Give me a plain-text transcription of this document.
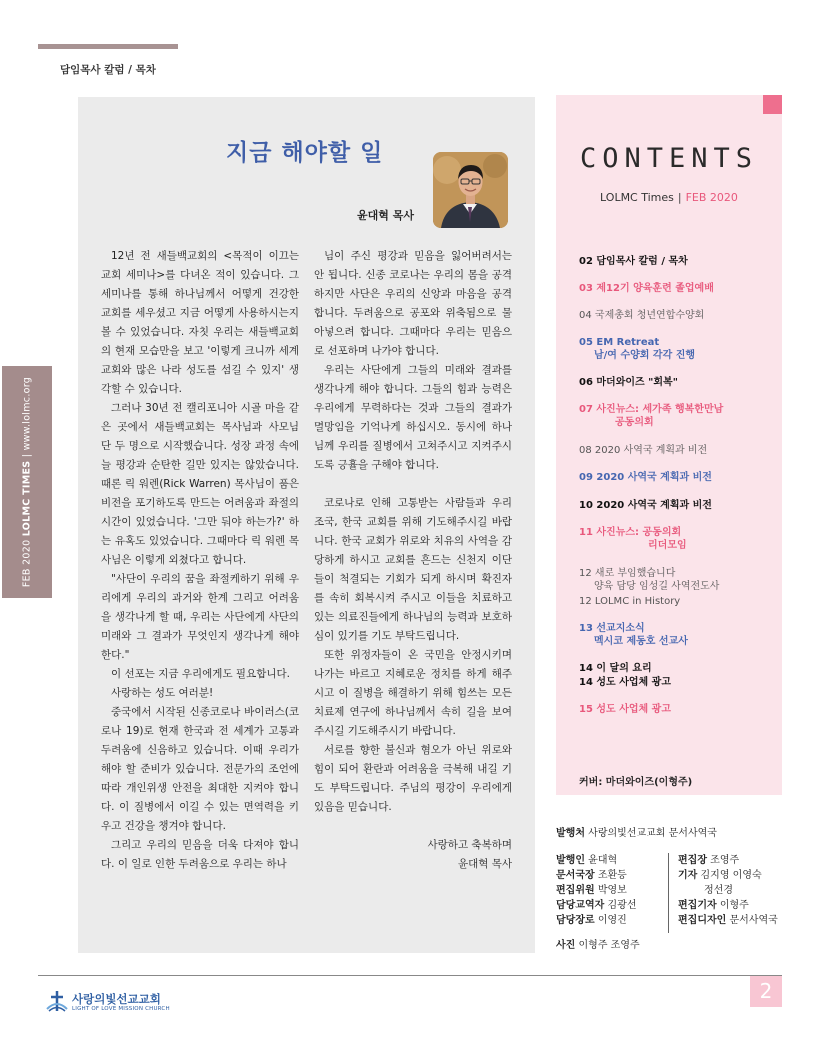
담임목사 칼럼 / 목차
FEB 2020 LOLMC TIMES | www.lolmc.org
지금 해야할 일
윤대혁 목사

12년 전 새들백교회의 <목적이 이끄는 교회 세미나>를 다녀온 적이 있습니다. 그 세미나를 통해 하나님께서 어떻게 건강한 교회를 세우셨고 지금 어떻게 사용하시는지 볼 수 있었습니다. 자칫 우리는 새들백교회의 현재 모습만을 보고 '이렇게 크니까 세계 교회와 많은 나라 성도를 섬길 수 있지' 생각할 수 있습니다.

그러나 30년 전 캘리포니아 시골 마을 같은 곳에서 새들백교회는 목사님과 사모님 단 두 명으로 시작했습니다. 성장 과정 속에 늘 평강과 순탄한 길만 있지는 않았습니다. 때론 릭 워렌(Rick Warren) 목사님이 품은 비전을 포기하도록 만드는 어려움과 좌절의 시간이 있었습니다. '그만 둬야 하는가?' 하는 유혹도 있었습니다. 그때마다 릭 워렌 목사님은 이렇게 외쳤다고 합니다.

"사단이 우리의 꿈을 좌절케하기 위해 우리에게 우리의 과거와 한계 그리고 어려움을 생각나게 할 때, 우리는 사단에게 사단의 미래와 그 결과가 무엇인지 생각나게 해야 한다."

이 선포는 지금 우리에게도 필요합니다.

사랑하는 성도 여러분!

중국에서 시작된 신종코로나 바이러스(코로나 19)로 현재 한국과 전 세계가 고통과 두려움에 신음하고 있습니다. 이때 우리가 해야 할 준비가 있습니다. 전문가의 조언에 따라 개인위생 안전을 최대한 지켜야 합니다. 이 질병에서 이길 수 있는 면역력을 키우고 건강을 챙겨야 합니다.

그리고 우리의 믿음을 더욱 다져야 합니다. 이 일로 인한 두려움으로 우리는 하나

님이 주신 평강과 믿음을 잃어버려서는 안 됩니다. 신종 코로나는 우리의 몸을 공격하지만 사단은 우리의 신앙과 마음을 공격합니다. 두려움으로 공포와 위축됨으로 물아넣으려 합니다. 그때마다 우리는 믿음으로 선포하며 나가야 합니다.

우리는 사단에게 그들의 미래와 결과를 생각나게 해야 합니다. 그들의 힘과 능력은 우리에게 무력하다는 것과 그들의 결과가 멸망임을 기억나게 하십시오. 동시에 하나님께 우리를 질병에서 고쳐주시고 지켜주시도록 긍휼을 구해야 합니다.

코로나로 인해 고통받는 사람들과 우리 조국, 한국 교회를 위해 기도해주시길 바랍니다. 한국 교회가 위로와 치유의 사역을 감당하게 하시고 교회를 흔드는 신천지 이단들이 척결되는 기회가 되게 하시며 확진자를 속히 회복시켜 주시고 이들을 치료하고 있는 의료진들에게 하나님의 능력과 보호하심이 있기를 기도 부탁드립니다.

또한 위정자들이 온 국민을 안정시키며 나가는 바르고 지혜로운 정치를 하게 해주시고 이 질병을 해결하기 위해 힘쓰는 모든 치료제 연구에 하나님께서 속히 길을 보여주시길 기도해주시기 바랍니다.

서로를 향한 불신과 혐오가 아닌 위로와 힘이 되어 환란과 어려움을 극복해 내길 기도 부탁드립니다. 주님의 평강이 우리에게 있음을 믿습니다.

사랑하고 축복하며

윤대혁 목사

CONTENTS
LOLMC Times | FEB 2020
02 담임목사 칼럼 / 목차
03 제12기 양육훈련 졸업예배
04 국제총회 청년연합수양회
05 EM Retreat
남/여 수양회 각각 진행
06 마더와이즈 "회복"
07 사진뉴스: 세가족 행복한만남
공동의회
08 2020 사역국 계획과 비전
09 2020 사역국 계획과 비전
10 2020 사역국 계획과 비전
11 사진뉴스: 공동의회
리더모임
12 새로 부임했습니다
양육 담당 임성길 사역전도사
12 LOLMC in History
13 선교지소식
멕시코 제동호 선교사
14 이 달의 요리
14 성도 사업체 광고
15 성도 사업체 광고
커버: 마더와이즈(이형주)
발행처 사랑의빛선교교회 문서사역국
발행인 윤대혁
문서국장 조환등
편집위원 박영보
담당교역자 김광선
담당장로 이영진
편집장 조영주
기자 김지영 이영숙
정선경
편집기자 이형주
편집디자인 문서사역국
사진 이형주 조영주
사랑의빛선교교회
LIGHT OF LOVE MISSION CHURCH
2
